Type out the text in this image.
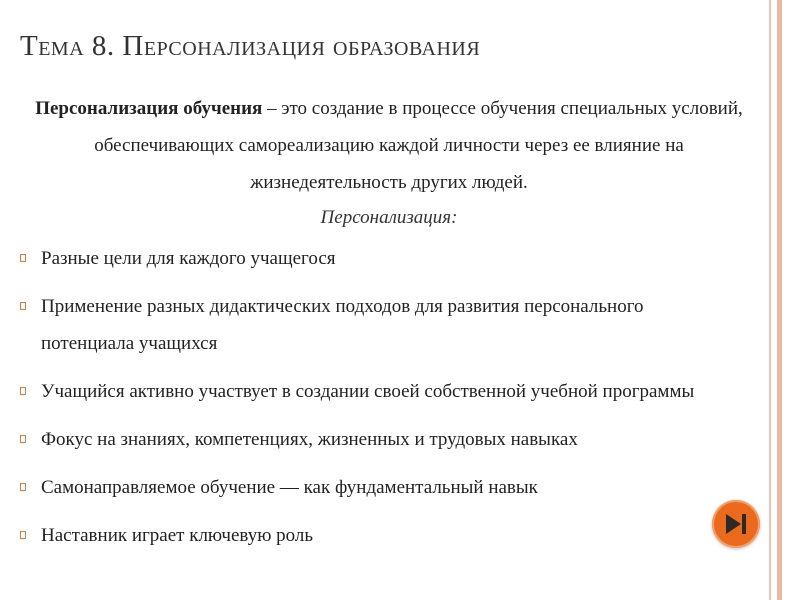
Тема 8. Персонализация образования

Персонализация обучения – это создание в процессе обучения специальных условий, обеспечивающих самореализацию каждой личности через ее влияние на жизнедеятельность других людей.

Персонализация:

Разные цели для каждого учащегося
Применение разных дидактических подходов для развития персонального потенциала учащихся
Учащийся активно участвует в создании своей собственной учебной программы
Фокус на знаниях, компетенциях, жизненных и трудовых навыках
Самонаправляемое обучение — как фундаментальный навык
Наставник играет ключевую роль
